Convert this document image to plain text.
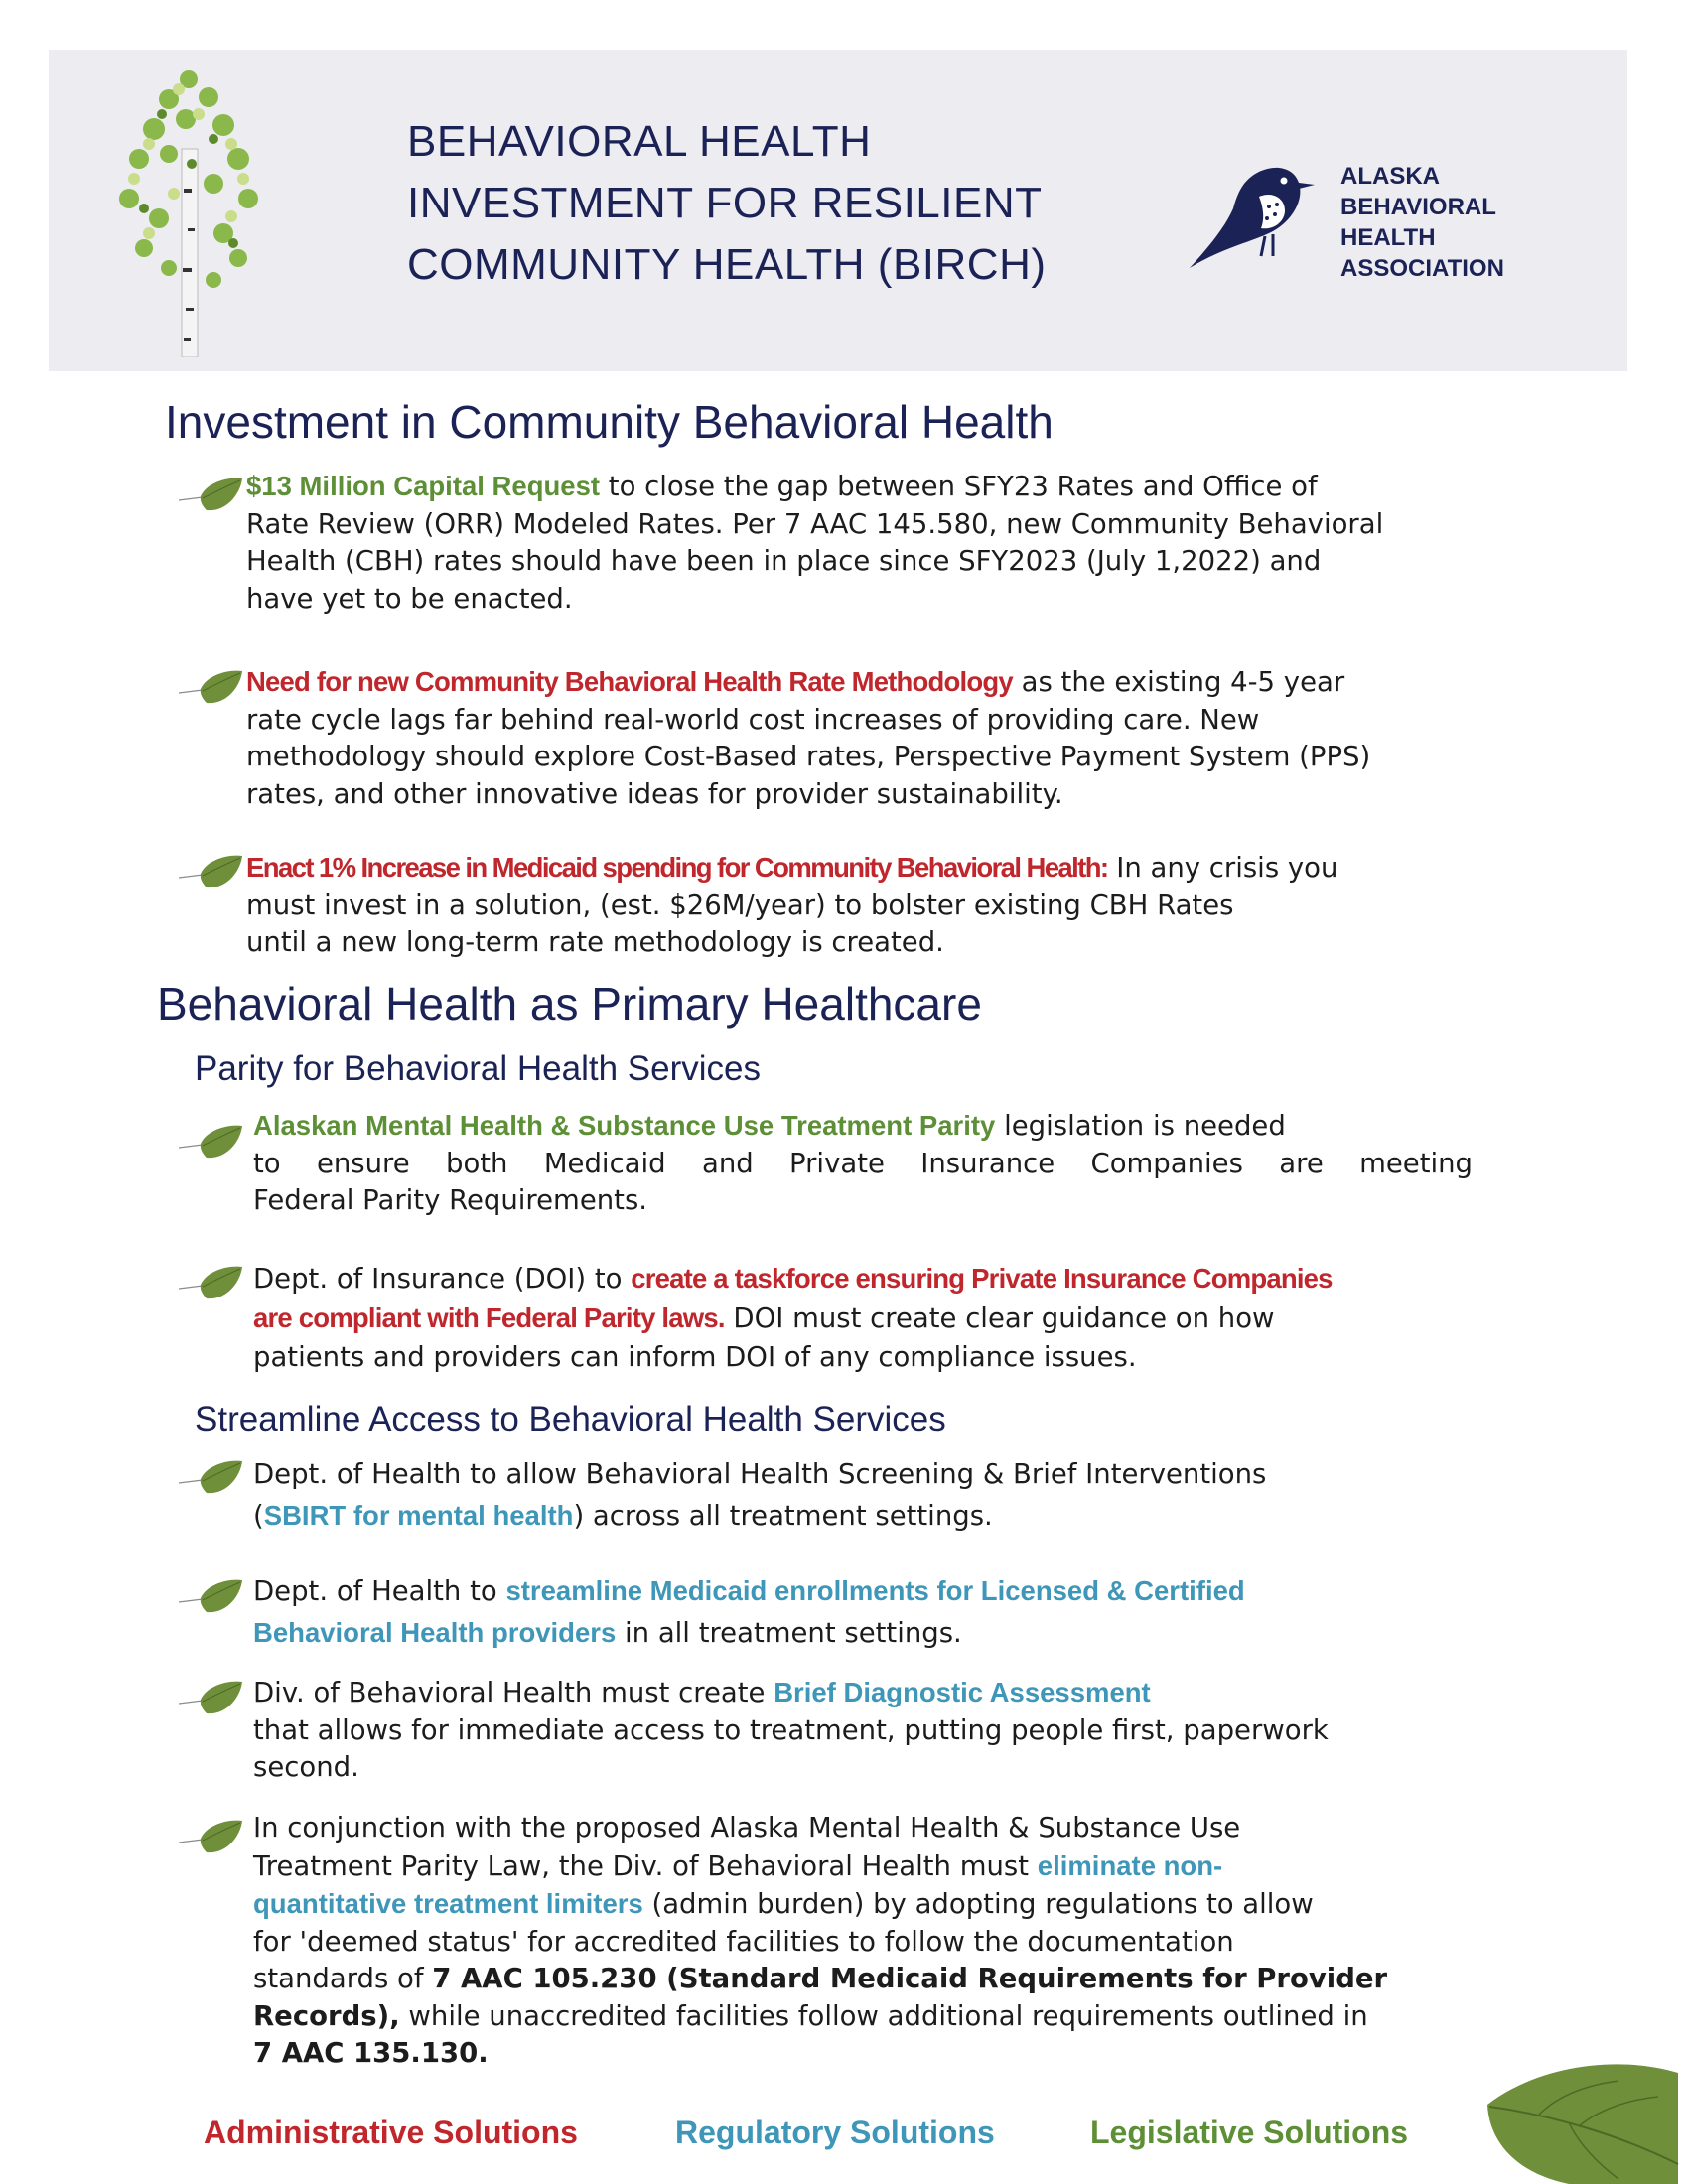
BEHAVIORAL HEALTH
INVESTMENT FOR RESILIENT
COMMUNITY HEALTH (BIRCH)
ALASKA
BEHAVIORAL
HEALTH
ASSOCIATION
Investment in Community Behavioral Health
$13 Million Capital Request to close the gap between SFY23 Rates and Office of
Rate Review (ORR) Modeled Rates. Per 7 AAC 145.580, new Community Behavioral
Health (CBH) rates should have been in place since SFY2023 (July 1,2022) and
have yet to be enacted.
Need for new Community Behavioral Health Rate Methodology as the existing 4-5 year
rate cycle lags far behind real-world cost increases of providing care. New
methodology should explore Cost-Based rates, Perspective Payment System (PPS)
rates, and other innovative ideas for provider sustainability.
Enact 1% Increase in Medicaid spending for Community Behavioral Health: In any crisis you
must invest in a solution, (est. $26M/year) to bolster existing CBH Rates
until a new long-term rate methodology is created.
Behavioral Health as Primary Healthcare
Parity for Behavioral Health Services
Alaskan Mental Health & Substance Use Treatment Parity legislation is needed
to ensure both Medicaid and Private Insurance Companies are meeting
Federal Parity Requirements.
Dept. of Insurance (DOI) to create a taskforce ensuring Private Insurance Companies
are compliant with Federal Parity laws. DOI must create clear guidance on how
patients and providers can inform DOI of any compliance issues.
Streamline Access to Behavioral Health Services
Dept. of Health to allow Behavioral Health Screening & Brief Interventions
(SBIRT for mental health) across all treatment settings.
Dept. of Health to streamline Medicaid enrollments for Licensed & Certified
Behavioral Health providers in all treatment settings.
Div. of Behavioral Health must create Brief Diagnostic Assessment
that allows for immediate access to treatment, putting people first, paperwork
second.
In conjunction with the proposed Alaska Mental Health & Substance Use
Treatment Parity Law, the Div. of Behavioral Health must eliminate non-
quantitative treatment limiters (admin burden) by adopting regulations to allow
for 'deemed status' for accredited facilities to follow the documentation
standards of 7 AAC 105.230 (Standard Medicaid Requirements for Provider
Records), while unaccredited facilities follow additional requirements outlined in
7 AAC 135.130.
Administrative Solutions	Regulatory Solutions	Legislative Solutions
